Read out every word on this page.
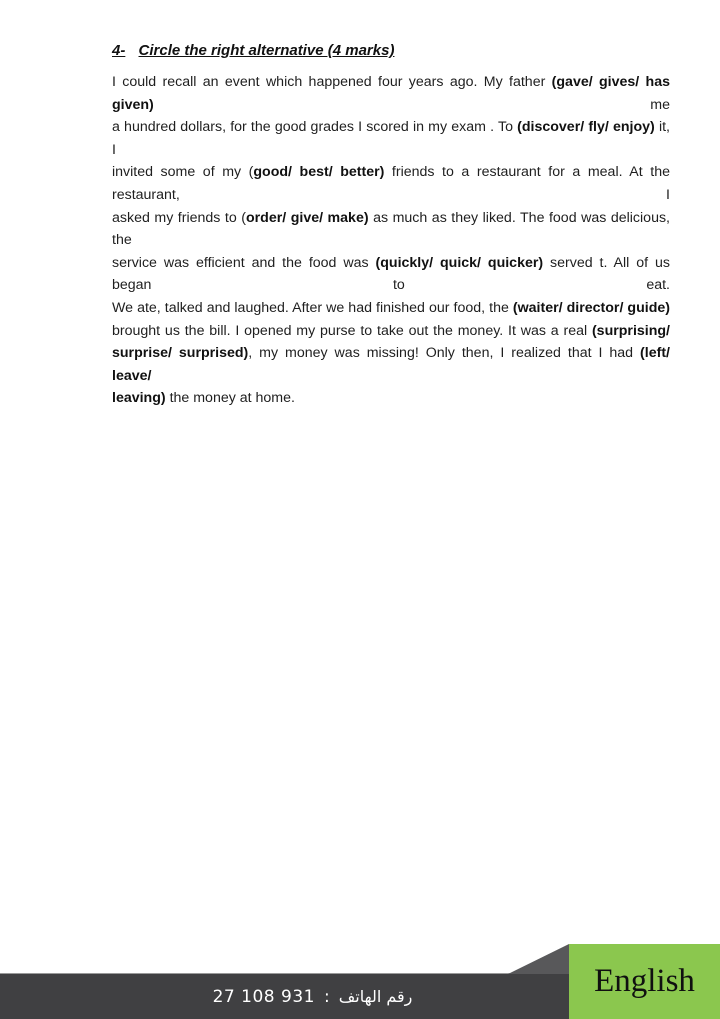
4- Circle the right alternative (4 marks)
I could recall an event which happened four years ago. My father (gave/ gives/ has given) me
a hundred dollars, for the good grades I scored in my exam . To (discover/ fly/ enjoy) it, I
invited some of my (good/ best/ better) friends to a restaurant for a meal. At the restaurant, I
asked my friends to (order/ give/ make) as much as they liked. The food was delicious, the
service was efficient and the food was (quickly/ quick/ quicker) served t. All of us began to eat.
We ate, talked and laughed. After we had finished our food, the (waiter/ director/ guide)
brought us the bill. I opened my purse to take out the money. It was a real (surprising/
surprise/ surprised), my money was missing! Only then, I realized that I had (left/ leave/
leaving) the money at home.
27 108 931 : رقم الهاتف	English
